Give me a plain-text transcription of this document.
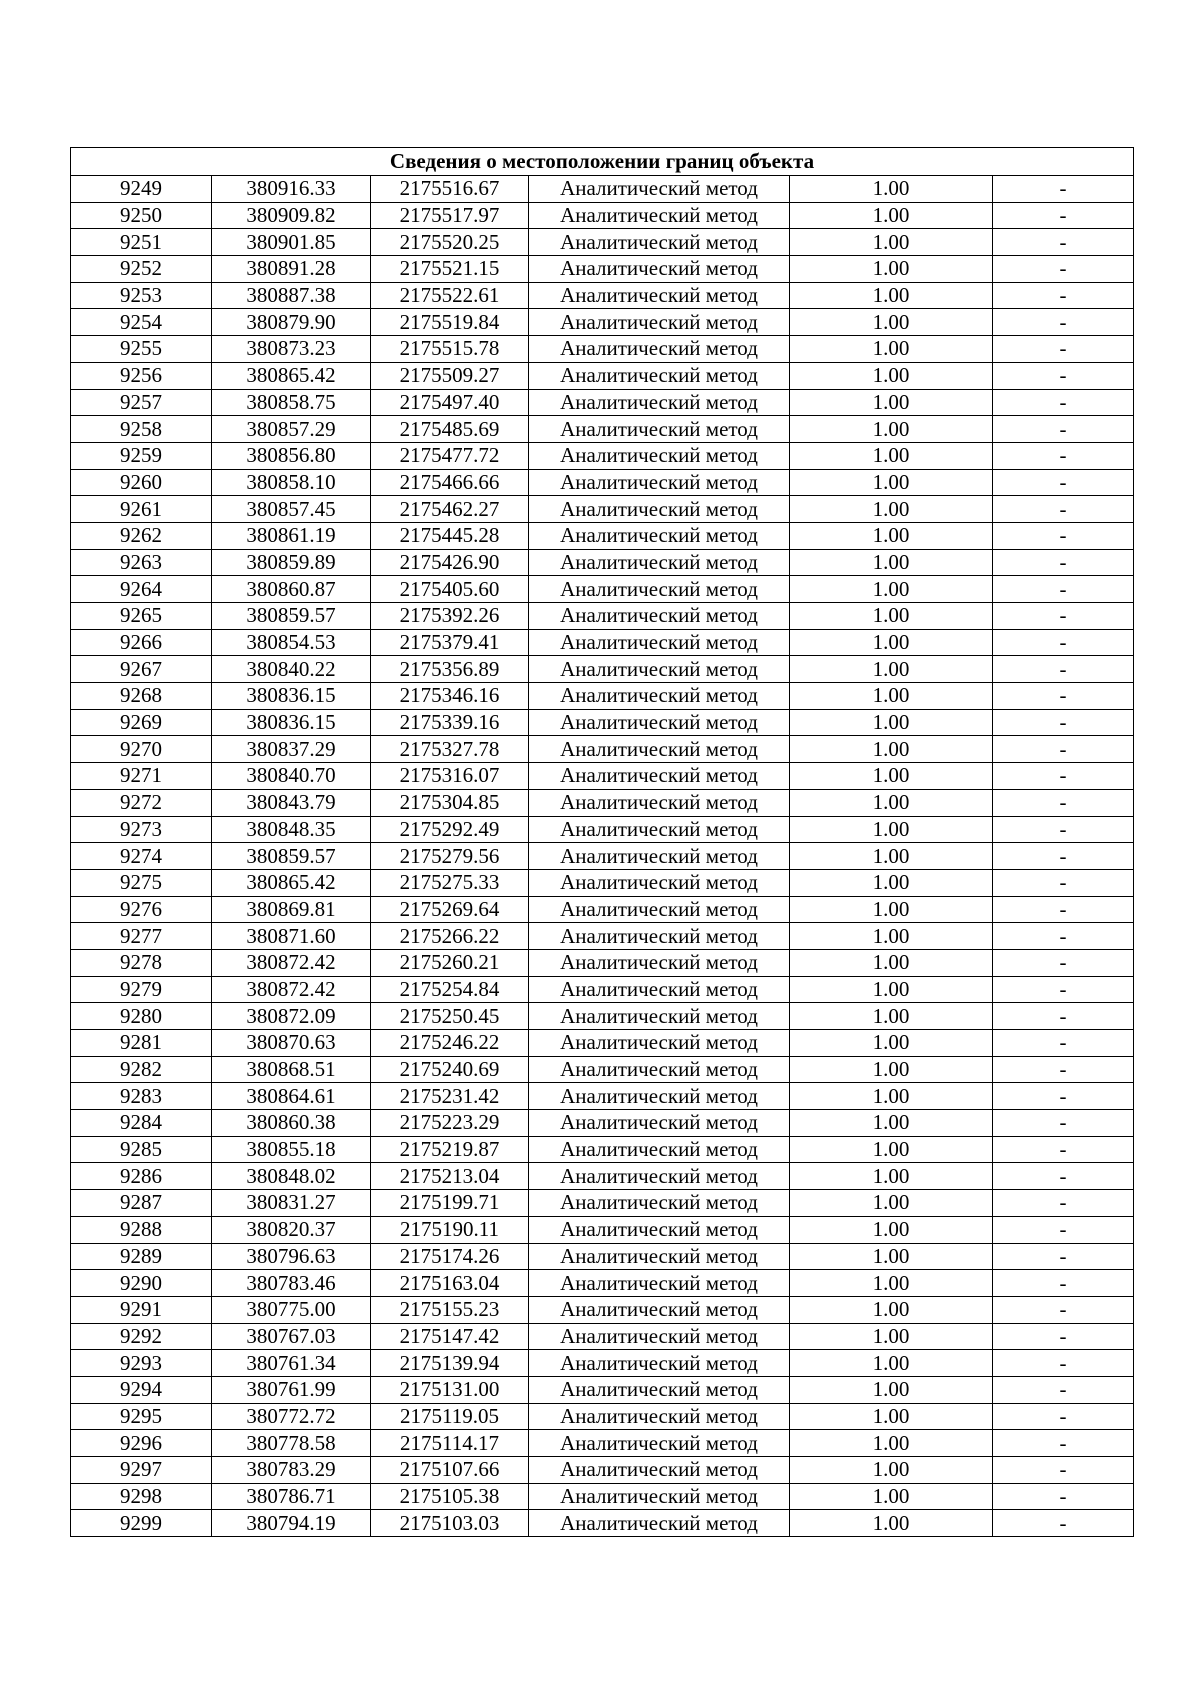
Сведения о местоположении границ объекта					
9249	380916.33	2175516.67	Аналитический метод	1.00	-
9250	380909.82	2175517.97	Аналитический метод	1.00	-
9251	380901.85	2175520.25	Аналитический метод	1.00	-
9252	380891.28	2175521.15	Аналитический метод	1.00	-
9253	380887.38	2175522.61	Аналитический метод	1.00	-
9254	380879.90	2175519.84	Аналитический метод	1.00	-
9255	380873.23	2175515.78	Аналитический метод	1.00	-
9256	380865.42	2175509.27	Аналитический метод	1.00	-
9257	380858.75	2175497.40	Аналитический метод	1.00	-
9258	380857.29	2175485.69	Аналитический метод	1.00	-
9259	380856.80	2175477.72	Аналитический метод	1.00	-
9260	380858.10	2175466.66	Аналитический метод	1.00	-
9261	380857.45	2175462.27	Аналитический метод	1.00	-
9262	380861.19	2175445.28	Аналитический метод	1.00	-
9263	380859.89	2175426.90	Аналитический метод	1.00	-
9264	380860.87	2175405.60	Аналитический метод	1.00	-
9265	380859.57	2175392.26	Аналитический метод	1.00	-
9266	380854.53	2175379.41	Аналитический метод	1.00	-
9267	380840.22	2175356.89	Аналитический метод	1.00	-
9268	380836.15	2175346.16	Аналитический метод	1.00	-
9269	380836.15	2175339.16	Аналитический метод	1.00	-
9270	380837.29	2175327.78	Аналитический метод	1.00	-
9271	380840.70	2175316.07	Аналитический метод	1.00	-
9272	380843.79	2175304.85	Аналитический метод	1.00	-
9273	380848.35	2175292.49	Аналитический метод	1.00	-
9274	380859.57	2175279.56	Аналитический метод	1.00	-
9275	380865.42	2175275.33	Аналитический метод	1.00	-
9276	380869.81	2175269.64	Аналитический метод	1.00	-
9277	380871.60	2175266.22	Аналитический метод	1.00	-
9278	380872.42	2175260.21	Аналитический метод	1.00	-
9279	380872.42	2175254.84	Аналитический метод	1.00	-
9280	380872.09	2175250.45	Аналитический метод	1.00	-
9281	380870.63	2175246.22	Аналитический метод	1.00	-
9282	380868.51	2175240.69	Аналитический метод	1.00	-
9283	380864.61	2175231.42	Аналитический метод	1.00	-
9284	380860.38	2175223.29	Аналитический метод	1.00	-
9285	380855.18	2175219.87	Аналитический метод	1.00	-
9286	380848.02	2175213.04	Аналитический метод	1.00	-
9287	380831.27	2175199.71	Аналитический метод	1.00	-
9288	380820.37	2175190.11	Аналитический метод	1.00	-
9289	380796.63	2175174.26	Аналитический метод	1.00	-
9290	380783.46	2175163.04	Аналитический метод	1.00	-
9291	380775.00	2175155.23	Аналитический метод	1.00	-
9292	380767.03	2175147.42	Аналитический метод	1.00	-
9293	380761.34	2175139.94	Аналитический метод	1.00	-
9294	380761.99	2175131.00	Аналитический метод	1.00	-
9295	380772.72	2175119.05	Аналитический метод	1.00	-
9296	380778.58	2175114.17	Аналитический метод	1.00	-
9297	380783.29	2175107.66	Аналитический метод	1.00	-
9298	380786.71	2175105.38	Аналитический метод	1.00	-
9299	380794.19	2175103.03	Аналитический метод	1.00	-
